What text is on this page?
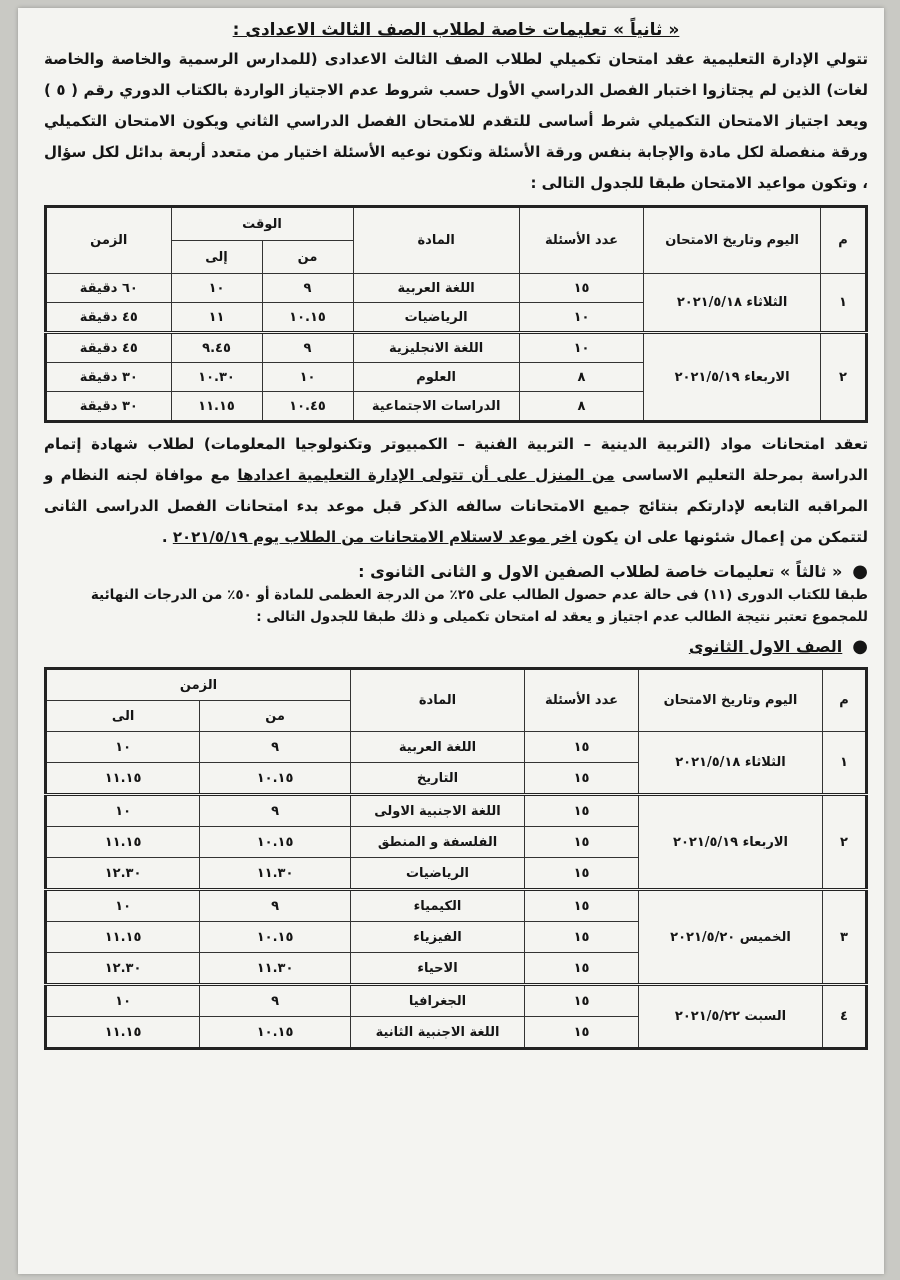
« ثانياً » تعليمات خاصة لطلاب الصف الثالث الاعدادى :
تتولي الإدارة التعليمية عقد امتحان تكميلي لطلاب الصف الثالث الاعدادى (للمدارس الرسمية والخاصة والخاصة لغات) الذين لم يجتازوا اختبار الفصل الدراسي الأول حسب شروط عدم الاجتياز الواردة بالكتاب الدوري رقم ( ٥ ) ويعد اجتياز الامتحان التكميلي شرط أساسى للتقدم للامتحان الفصل الدراسي الثاني ويكون الامتحان التكميلي ورقة منفصلة لكل مادة والإجابة بنفس ورقة الأسئلة وتكون نوعيه الأسئلة اختيار من متعدد أربعة بدائل لكل سؤال ، وتكون مواعيد الامتحان طبقا للجدول التالى :
م	اليوم وتاريخ الامتحان	عدد الأسئلة	المادة	الوقت		الزمن
				من	إلى	
١	الثلاثاء ٢٠٢١/٥/١٨	١٥	اللغة العربية	٩	١٠	٦٠ دقيقة
		١٠	الرياضيات	١٠.١٥	١١	٤٥ دقيقة
٢	الاربعاء ٢٠٢١/٥/١٩	١٠	اللغة الانجليزية	٩	٩.٤٥	٤٥ دقيقة
		٨	العلوم	١٠	١٠.٣٠	٣٠ دقيقة
		٨	الدراسات الاجتماعية	١٠.٤٥	١١.١٥	٣٠ دقيقة
تعقد امتحانات مواد (التربية الدينية – التربية الفنية – الكمبيوتر وتكنولوجيا المعلومات) لطلاب شهادة إتمام الدراسة بمرحلة التعليم الاساسى من المنزل على أن تتولى الإدارة التعليمية اعدادها مع موافاة لجنه النظام و المراقبه التابعه لإدارتكم بنتائج جميع الامتحانات سالفه الذكر قبل موعد بدء امتحانات الفصل الدراسى الثانى لتتمكن من إعمال شئونها على ان يكون اخر موعد لاستلام الامتحانات من الطلاب يوم ٢٠٢١/٥/١٩ .
●« ثالثاً » تعليمات خاصة لطلاب الصفين الاول و الثانى الثانوى :
طبقا للكتاب الدورى (١١) فى حالة عدم حصول الطالب على ٢٥٪ من الدرجة العظمى للمادة أو ٥٠٪ من الدرجات النهائية للمجموع تعتبر نتيجة الطالب عدم اجتياز و يعقد له امتحان تكميلى و ذلك طبقا للجدول التالى :
●الصف الاول الثانوى
م	اليوم وتاريخ الامتحان	عدد الأسئلة	المادة	الزمن	
				من	الى
١	الثلاثاء ٢٠٢١/٥/١٨	١٥	اللغة العربية	٩	١٠
		١٥	التاريخ	١٠.١٥	١١.١٥
٢	الاربعاء ٢٠٢١/٥/١٩	١٥	اللغة الاجنبية الاولى	٩	١٠
		١٥	الفلسفة و المنطق	١٠.١٥	١١.١٥
		١٥	الرياضيات	١١.٣٠	١٢.٣٠
٣	الخميس ٢٠٢١/٥/٢٠	١٥	الكيمياء	٩	١٠
		١٥	الفيزياء	١٠.١٥	١١.١٥
		١٥	الاحياء	١١.٣٠	١٢.٣٠
٤	السبت ٢٠٢١/٥/٢٢	١٥	الجغرافيا	٩	١٠
		١٥	اللغة الاجنبية الثانية	١٠.١٥	١١.١٥
